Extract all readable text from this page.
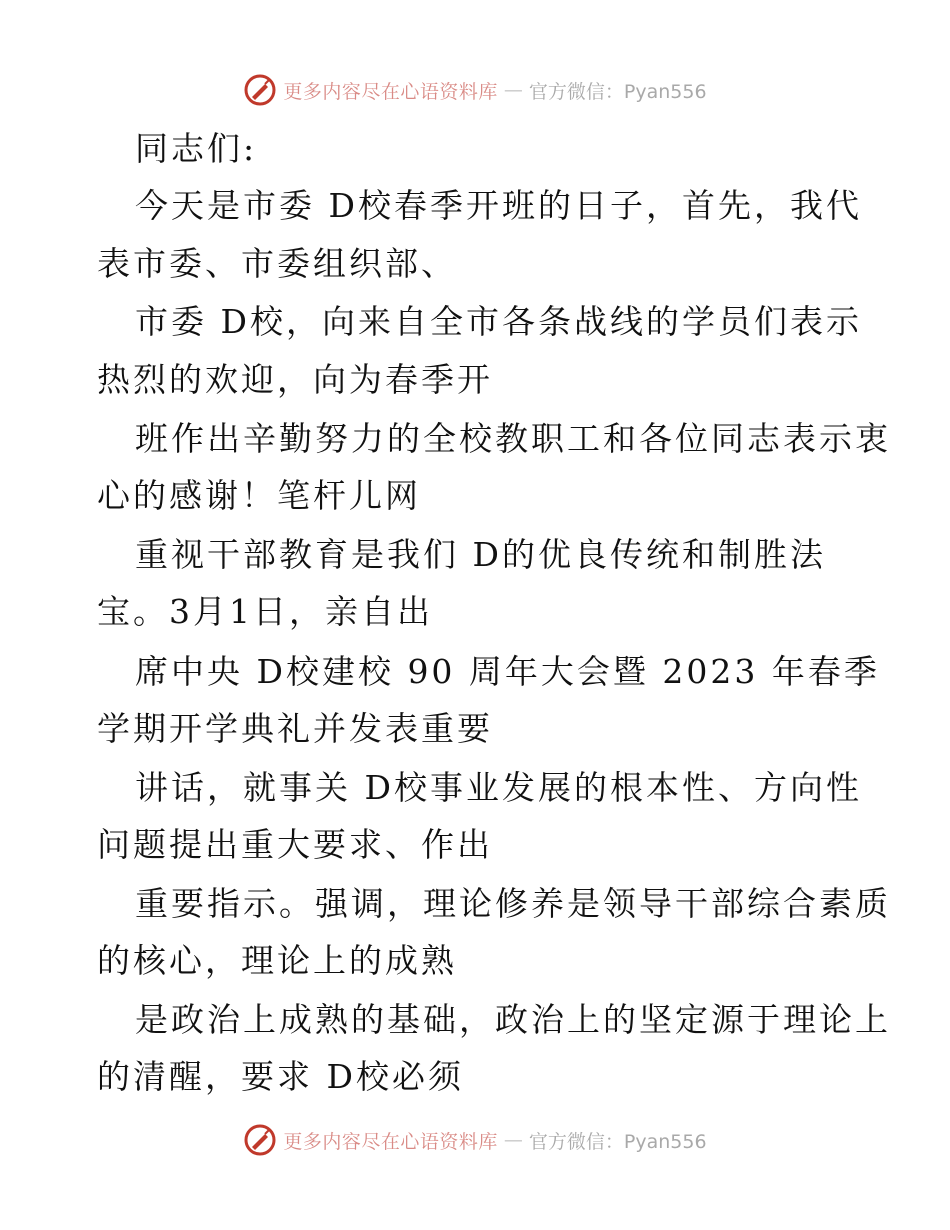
更多内容尽在心语资料库 — 官方微信：Pyan556
同志们:
今天是市委 D校春季开班的日子，首先，我代
表市委、市委组织部、
市委 D校，向来自全市各条战线的学员们表示
热烈的欢迎，向为春季开
班作出辛勤努力的全校教职工和各位同志表示衷
心的感谢！笔杆儿网
重视干部教育是我们 D的优良传统和制胜法
宝。3月1日，亲自出
席中央 D校建校 90 周年大会暨 2023 年春季
学期开学典礼并发表重要
讲话，就事关 D校事业发展的根本性、方向性
问题提出重大要求、作出
重要指示。强调，理论修养是领导干部综合素质
的核心，理论上的成熟
是政治上成熟的基础，政治上的坚定源于理论上
的清醒，要求 D校必须
更多内容尽在心语资料库 — 官方微信：Pyan556
